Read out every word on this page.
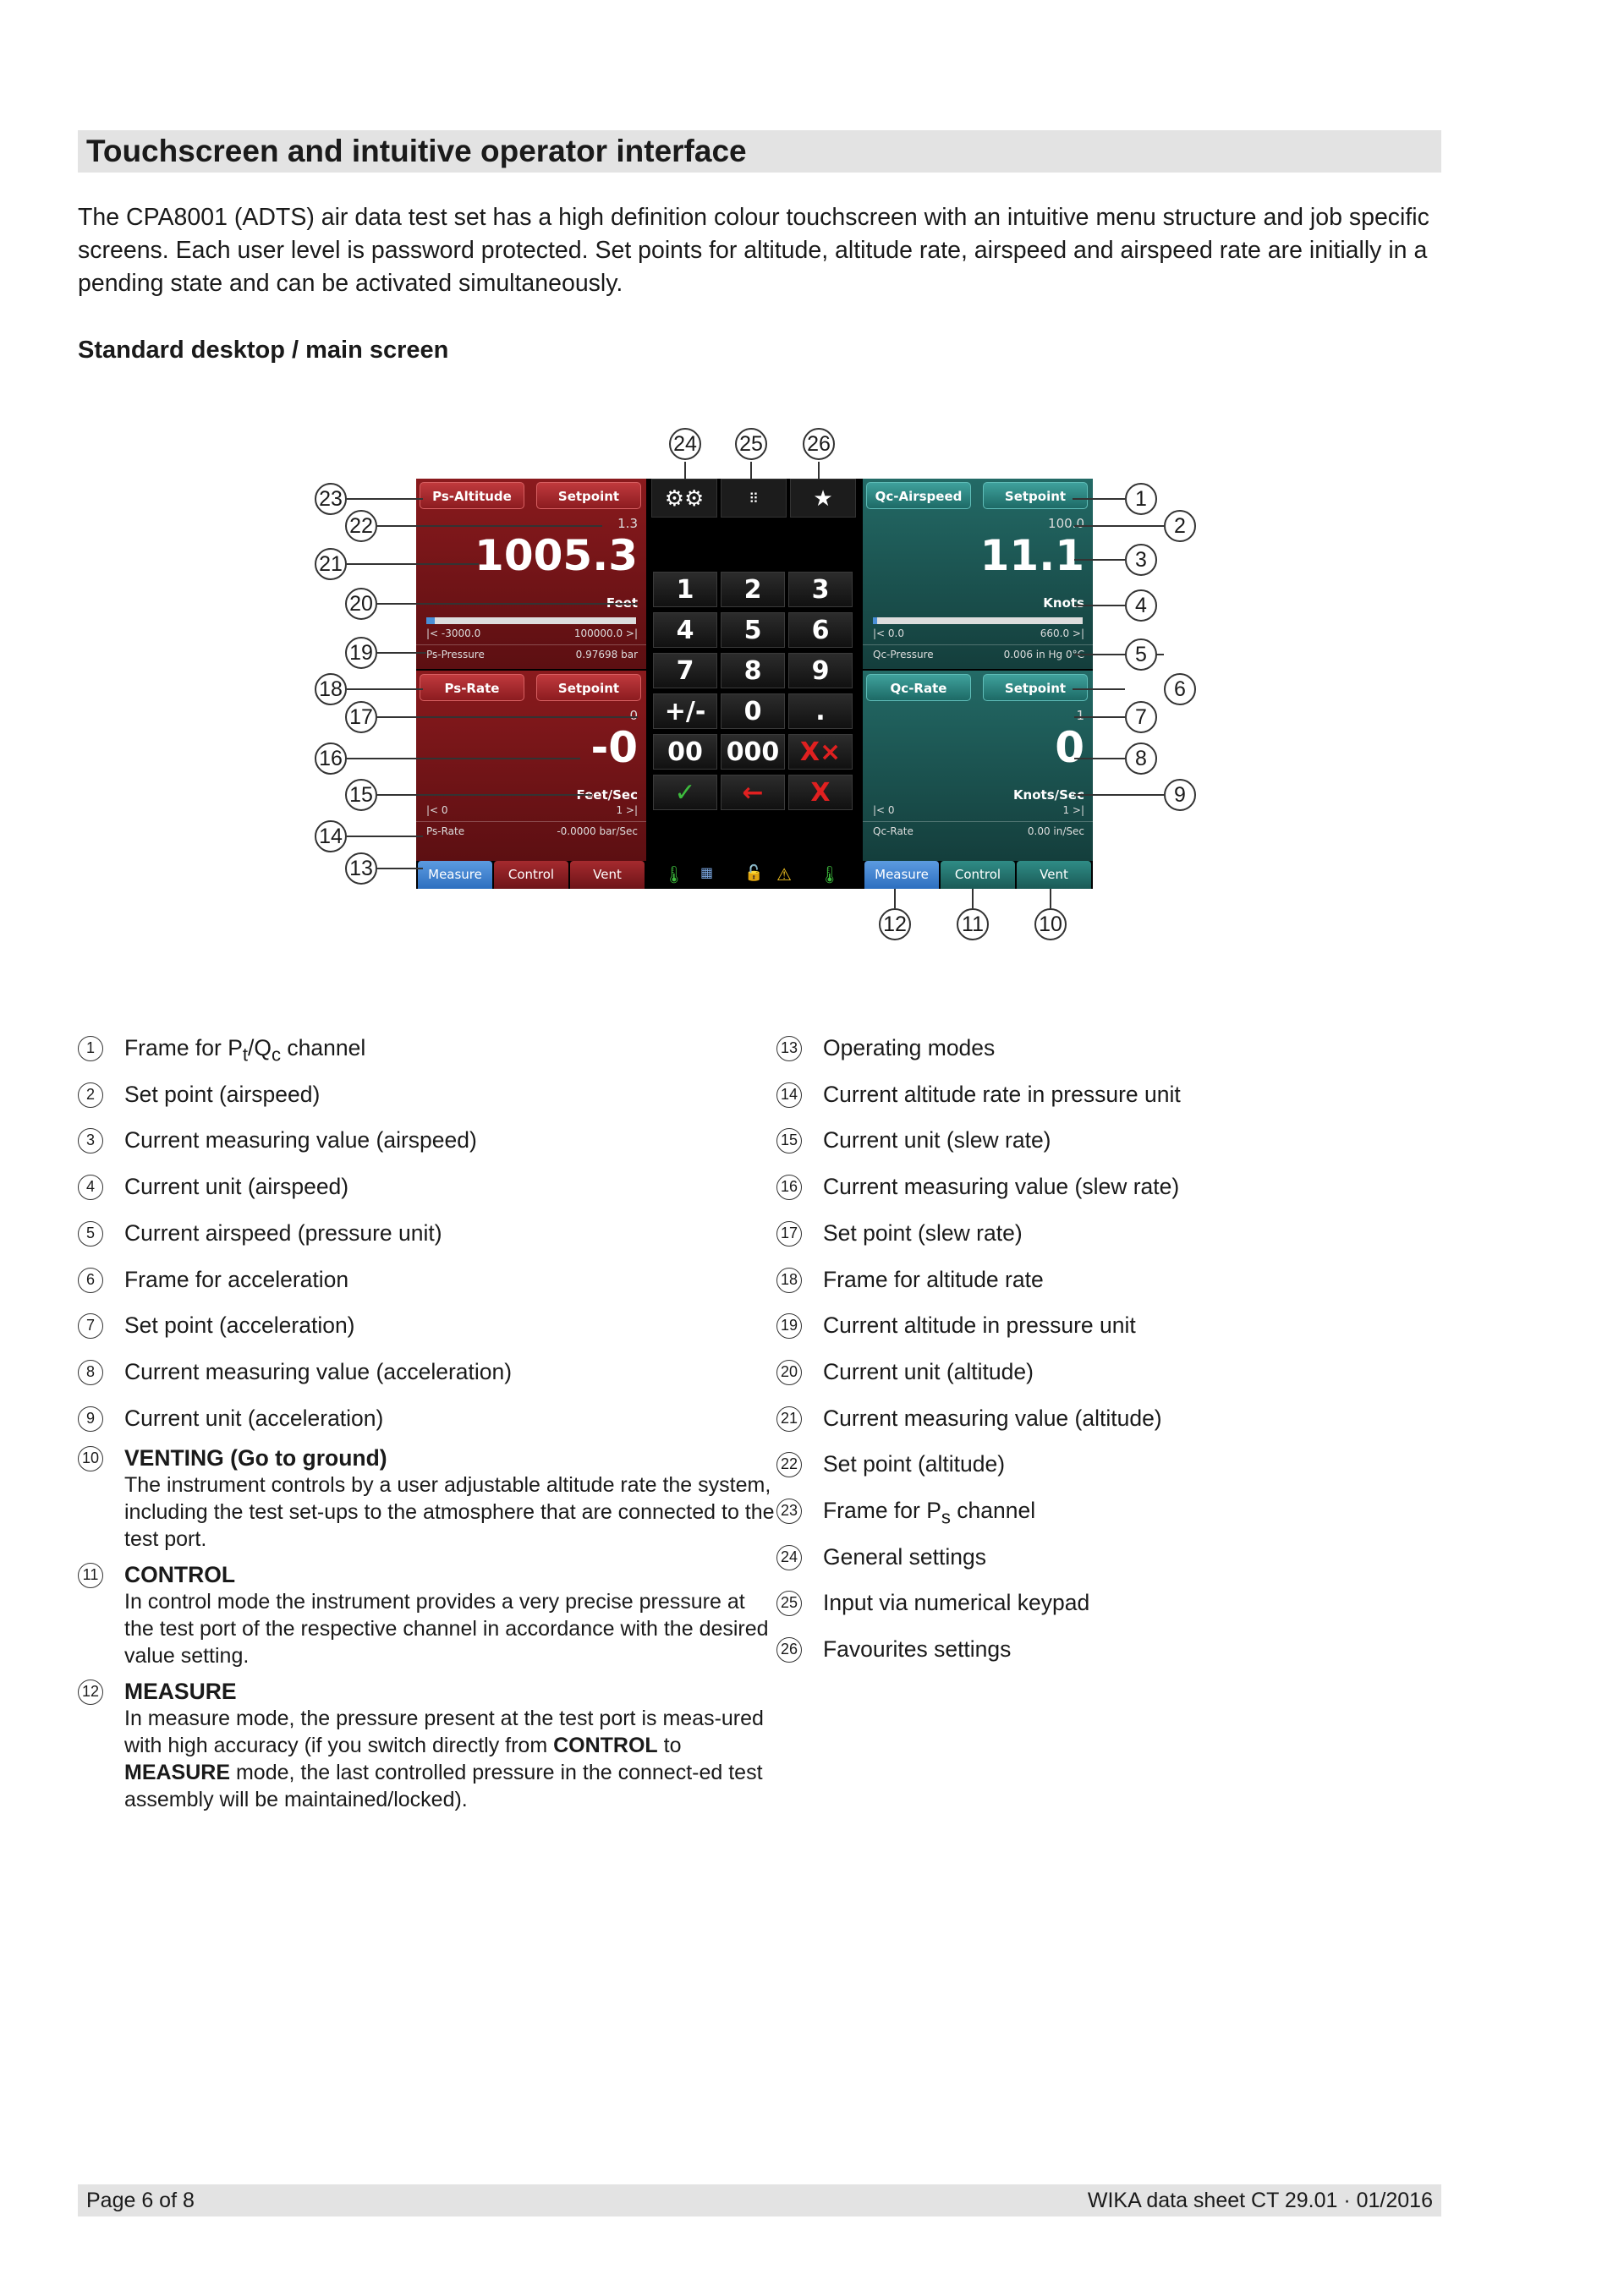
Touchscreen and intuitive operator interface
The CPA8001 (ADTS) air data test set has a high definition colour touchscreen with an intuitive menu structure and job specific screens. Each user level is password protected. Set points for altitude, altitude rate, airspeed and airspeed rate are initially in a pending state and can be activated simultaneously.
Standard desktop / main screen
Ps-Altitude	Setpoint
1.3
1005.3
Feet
|< -3000.0	100000.0 >|
Ps-Pressure	0.97698 bar
Ps-Rate	Setpoint
0
-0
Feet/Sec
|< 0	1 >|
Ps-Rate	-0.0000 bar/Sec
⚙⚙	⠿	★
1	2	3
4	5	6
7	8	9
+/-	0	.
00 000 X×
✓	←	X
Qc-Airspeed	Setpoint
100.0
11.1
Knots
|< 0.0	660.0 >|
Qc-Pressure	0.006 in Hg 0°C
Qc-Rate	Setpoint
1
0
Knots/Sec
|< 0	1 >|
Qc-Rate	0.00 in/Sec
Measure	Control	Vent	🌡 ▦ 🔓 ⚠ 🌡	Measure	Control	Vent
1
2
3
4
5
6
7
8
9
10
11
12
13
14
15
16
17
18
19
20
21
22
23
24 25 26
1	Frame for $P_t/Q_c$ channel
2	Set point (airspeed)
3	Current measuring value (airspeed)
4	Current unit (airspeed)
5	Current airspeed (pressure unit)
6	Frame for acceleration
7	Set point (acceleration)
8	Current measuring value (acceleration)
9	Current unit (acceleration)
10 VENTING (Go to ground)
The instrument controls by a user adjustable altitude rate the system, including the test set-ups to the atmosphere that are connected to the test port.
11 CONTROL
In control mode the instrument provides a very precise pressure at the test port of the respective channel in accordance with the desired value setting.
12 MEASURE
In measure mode, the pressure present at the test port is meas-ured with high accuracy (if you switch directly from CONTROL to MEASURE mode, the last controlled pressure in the connect-ed test assembly will be maintained/locked).
13 Operating modes
14 Current altitude rate in pressure unit
15 Current unit (slew rate)
16 Current measuring value (slew rate)
17 Set point (slew rate)
18 Frame for altitude rate
19 Current altitude in pressure unit
20 Current unit (altitude)
21 Current measuring value (altitude)
22 Set point (altitude)
23 Frame for $P_s$ channel
24 General settings
25 Input via numerical keypad
26 Favourites settings
Page 6 of 8	WIKA data sheet CT 29.01 · 01/2016
